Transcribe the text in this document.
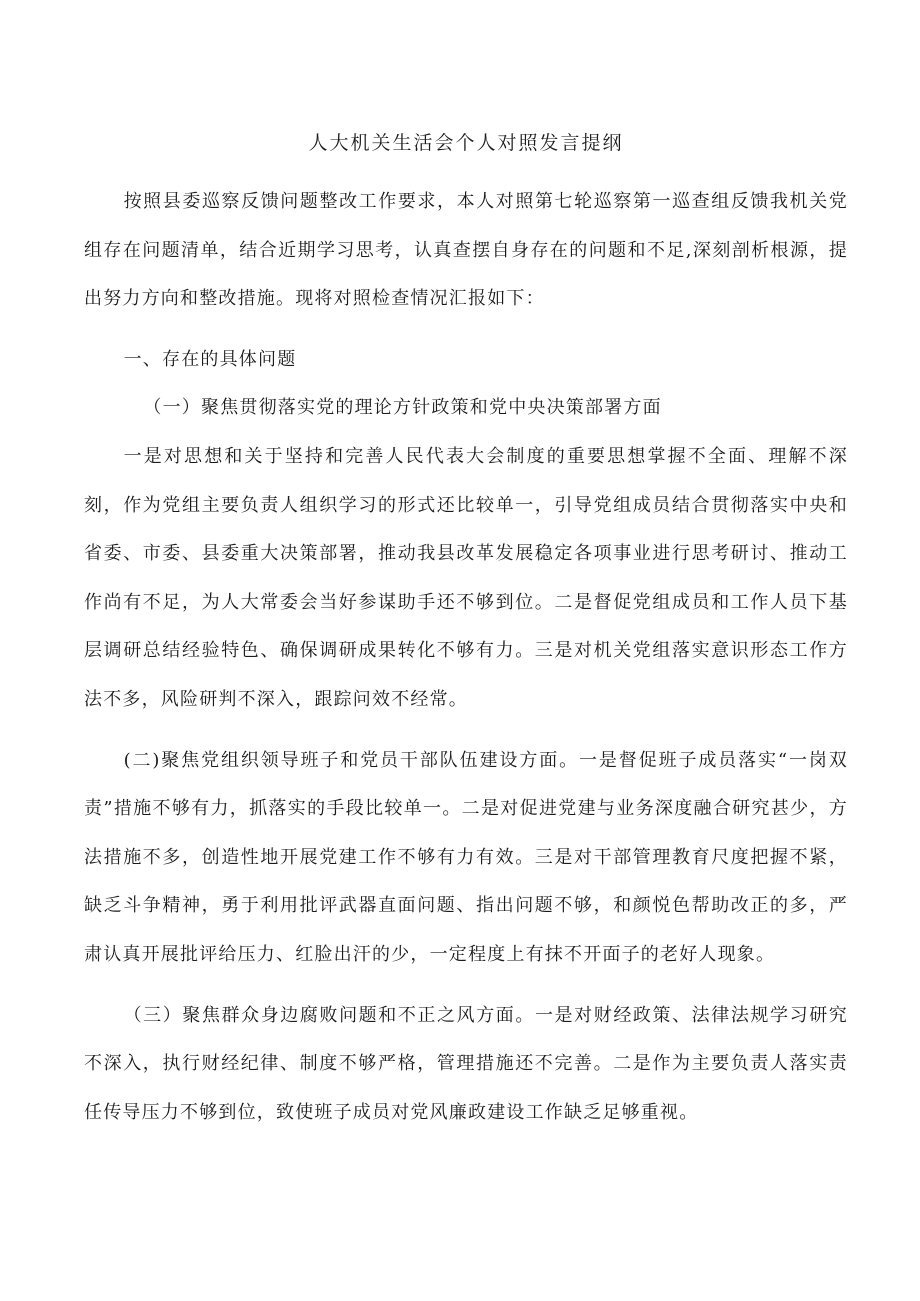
人大机关生活会个人对照发言提纲

按照县委巡察反馈问题整改工作要求，本人对照第七轮巡察第一巡查组反馈我机关党组存在问题清单，结合近期学习思考，认真查摆自身存在的问题和不足,深刻剖析根源，提出努力方向和整改措施。现将对照检查情况汇报如下：

一、存在的具体问题

（一）聚焦贯彻落实党的理论方针政策和党中央决策部署方面

一是对思想和关于坚持和完善人民代表大会制度的重要思想掌握不全面、理解不深刻，作为党组主要负责人组织学习的形式还比较单一，引导党组成员结合贯彻落实中央和省委、市委、县委重大决策部署，推动我县改革发展稳定各项事业进行思考研讨、推动工作尚有不足，为人大常委会当好参谋助手还不够到位。二是督促党组成员和工作人员下基层调研总结经验特色、确保调研成果转化不够有力。三是对机关党组落实意识形态工作方法不多，风险研判不深入，跟踪问效不经常。

(二)聚焦党组织领导班子和党员干部队伍建设方面。一是督促班子成员落实“一岗双责”措施不够有力，抓落实的手段比较单一。二是对促进党建与业务深度融合研究甚少，方法措施不多，创造性地开展党建工作不够有力有效。三是对干部管理教育尺度把握不紧，缺乏斗争精神，勇于利用批评武器直面问题、指出问题不够，和颜悦色帮助改正的多，严肃认真开展批评给压力、红脸出汗的少，一定程度上有抹不开面子的老好人现象。

（三）聚焦群众身边腐败问题和不正之风方面。一是对财经政策、法律法规学习研究不深入，执行财经纪律、制度不够严格，管理措施还不完善。二是作为主要负责人落实责任传导压力不够到位，致使班子成员对党风廉政建设工作缺乏足够重视。
